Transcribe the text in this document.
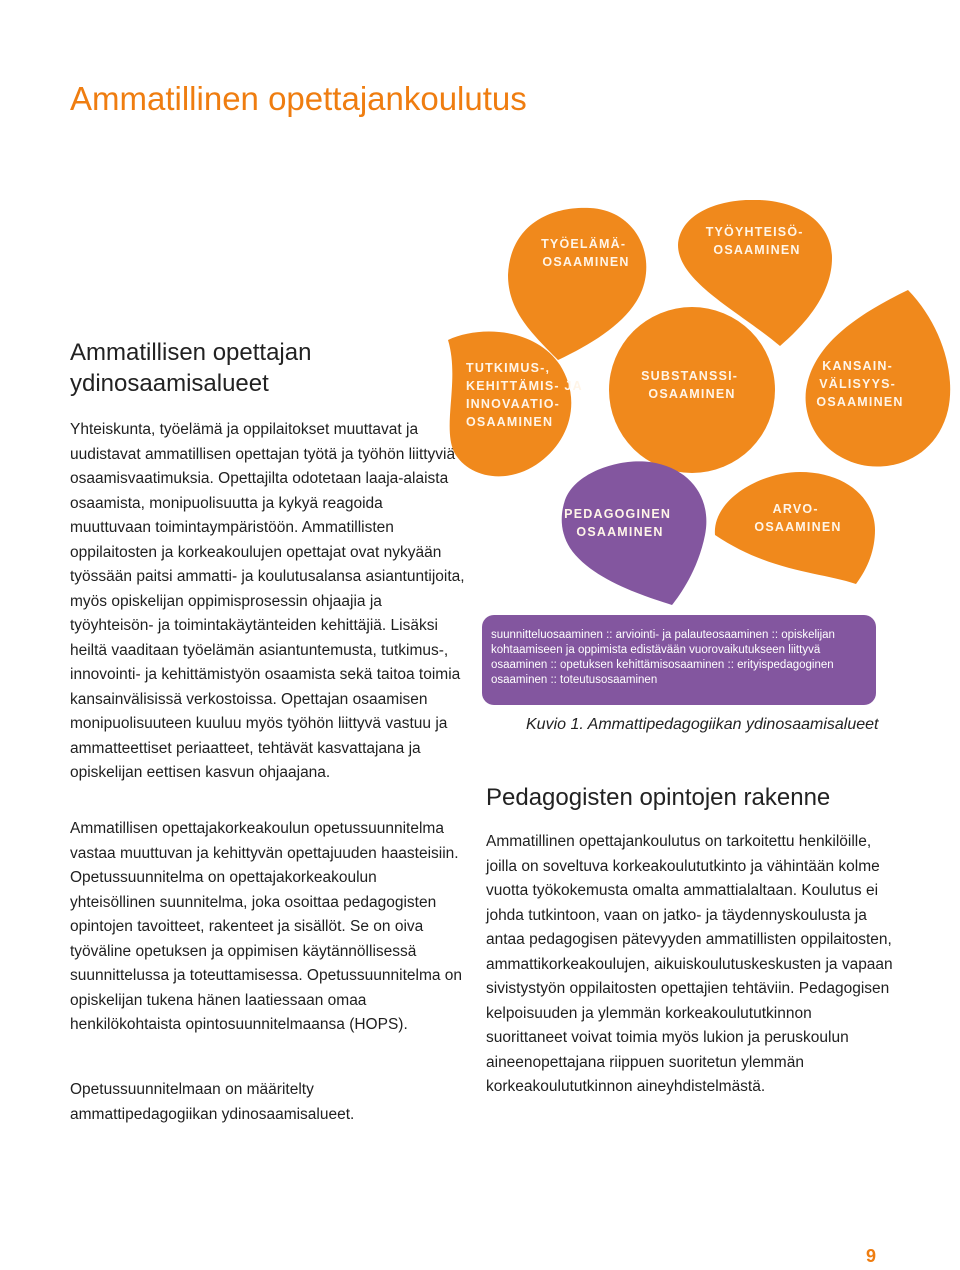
Ammatillinen opettajankoulutus
Ammatillisen opettajan
ydinosaamisalueet

Yhteiskunta, työelämä ja oppilaitokset muuttavat ja uudistavat ammatillisen opettajan työtä ja työhön liittyviä osaamisvaatimuksia. Opettajilta odotetaan laaja-alaista osaamista, monipuolisuutta ja kykyä reagoida muuttuvaan toimintaympäristöön. Ammatillisten oppilaitosten ja korkeakoulujen opettajat ovat nykyään työssään paitsi ammatti- ja koulutusalansa asiantuntijoita, myös opiskelijan oppimisprosessin ohjaajia ja työyhteisön- ja toimintakäytänteiden kehittäjiä. Lisäksi heiltä vaaditaan työelämän asiantuntemusta, tutkimus-, innovointi- ja kehittämistyön osaamista sekä taitoa toimia kansainvälisissä verkostoissa. Opettajan osaamisen monipuolisuuteen kuuluu myös työhön liittyvä vastuu ja ammatteettiset periaatteet, tehtävät kasvattajana ja opiskelijan eettisen kasvun ohjaajana.

Ammatillisen opettajakorkeakoulun opetussuunnitelma vastaa muuttuvan ja kehittyvän opettajuuden haasteisiin. Opetussuunnitelma on opettajakorkeakoulun yhteisöllinen suunnitelma, joka osoittaa pedagogisten opintojen tavoitteet, rakenteet ja sisällöt. Se on oiva työväline opetuksen ja oppimisen käytännöllisessä suunnittelussa ja toteuttamisessa. Opetussuunnitelma on opiskelijan tukena hänen laatiessaan omaa henkilökohtaista opintosuunnitelmaansa (HOPS).

Opetussuunnitelmaan on määritelty ammattipedagogiikan ydinosaamisalueet.

TYÖELÄMÄ- OSAAMINEN
TYÖYHTEISÖ- OSAAMINEN
TUTKIMUS-, KEHITTÄMIS- JA INNOVAATIO- OSAAMINEN
SUBSTANSSI- OSAAMINEN
KANSAIN- VÄLISYYS- OSAAMINEN
ARVO- OSAAMINEN
PEDAGOGINEN OSAAMINEN
suunnitteluosaaminen :: arviointi- ja palauteosaaminen :: opiskelijan kohtaamiseen ja oppimista edistävään vuorovaikutukseen liittyvä osaaminen :: opetuksen kehittämisosaaminen :: erityispedagoginen osaaminen :: toteutusosaaminen
Kuvio 1. Ammattipedagogiikan ydinosaamisalueet
Pedagogisten opintojen rakenne

Ammatillinen opettajankoulutus on tarkoitettu henkilöille, joilla on soveltuva korkeakoulututkinto ja vähintään kolme vuotta työkokemusta omalta ammattialaltaan. Koulutus ei johda tutkintoon, vaan on jatko- ja täydennyskoulusta ja antaa pedagogisen pätevyyden ammatillisten oppilaitosten, ammattikorkeakoulujen, aikuiskoulutuskeskusten ja vapaan sivistystyön oppilaitosten opettajien tehtäviin. Pedagogisen kelpoisuuden ja ylemmän korkeakoulututkinnon suorittaneet voivat toimia myös lukion ja peruskoulun aineenopettajana riippuen suoritetun ylemmän korkeakoulututkinnon aineyhdistelmästä.

9
